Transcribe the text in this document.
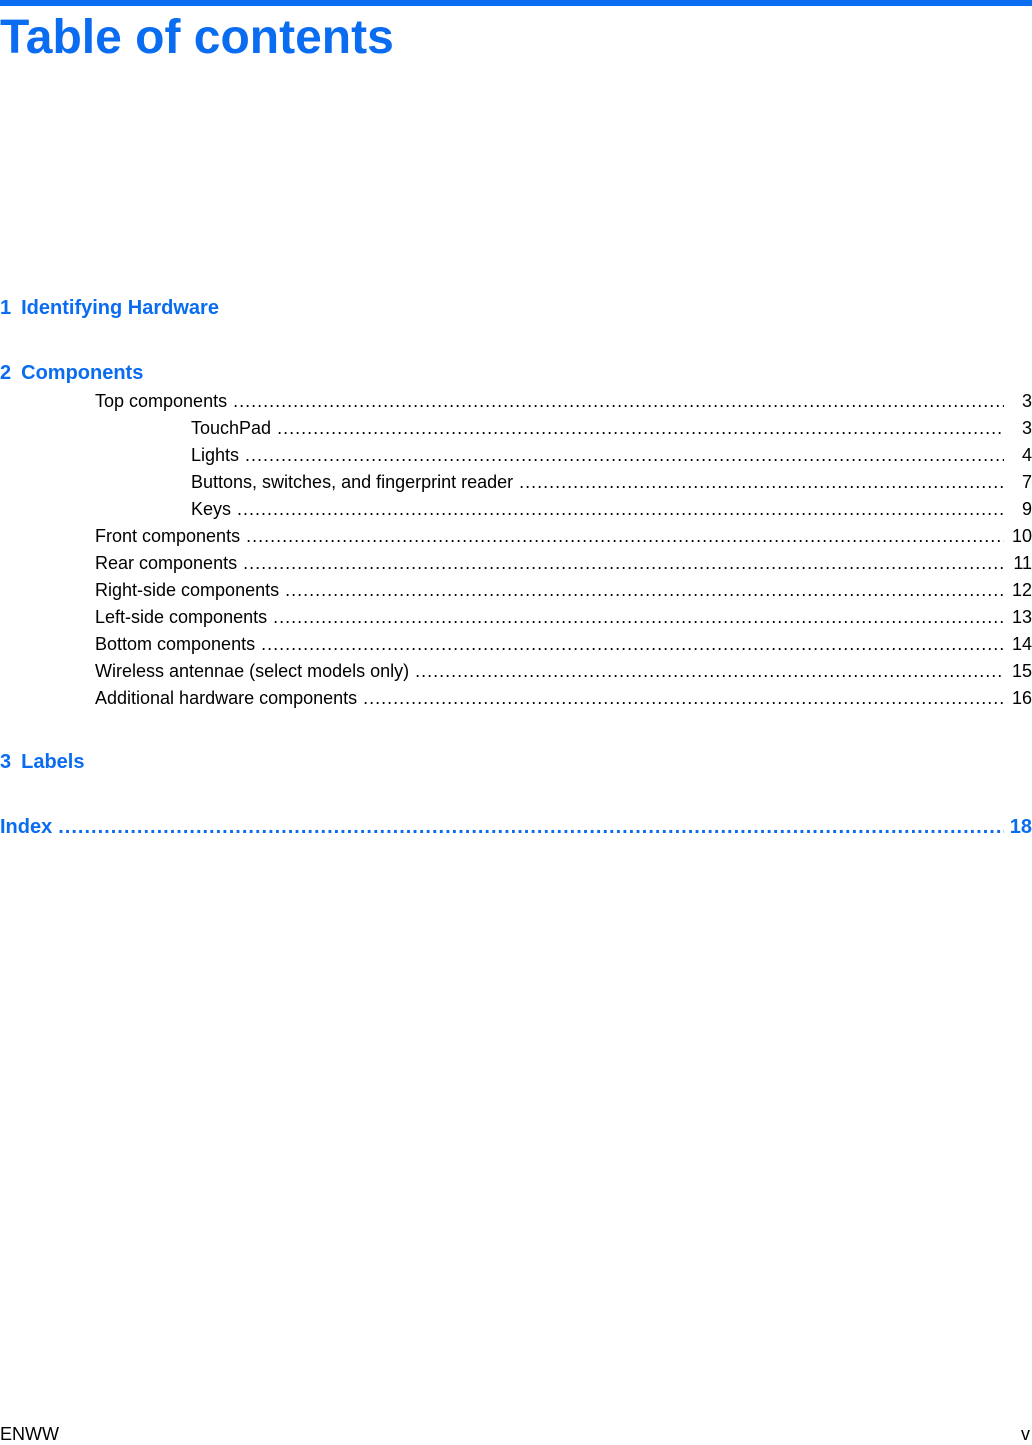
Table of contents
1 Identifying Hardware
2 Components
Top components .....	3
TouchPad .....	3
Lights .....	4
Buttons, switches, and fingerprint reader .....	7
Keys .....	9
Front components .....	10
Rear components .....	11
Right-side components .....	12
Left-side components .....	13
Bottom components .....	14
Wireless antennae (select models only) .....	15
Additional hardware components .....	16
3 Labels
Index .....	18
ENWW	v
